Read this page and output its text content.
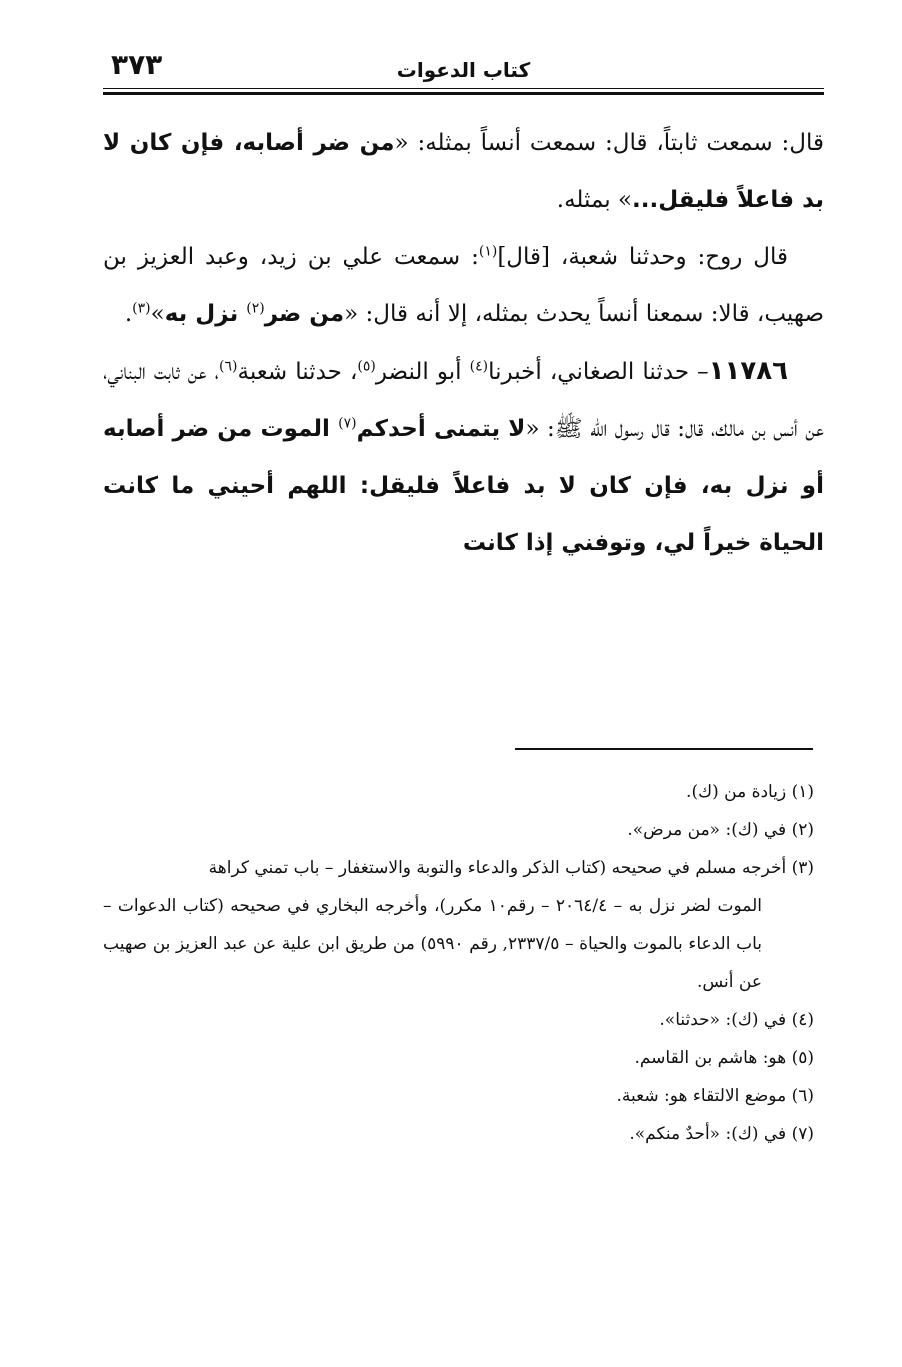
كتاب الدعوات
٣٧٣

قال: سمعت ثابتاً، قال: سمعت أنساً بمثله: «من ضر أصابه، فإن كان لا بد فاعلاً فليقل...» بمثله.

قال روح: وحدثنا شعبة، [قال]$^{(١)}$: سمعت علي بن زيد، وعبد العزيز بن صهيب، قالا: سمعنا أنساً يحدث بمثله، إلا أنه قال: «من ضر$^{(٢)}$ نزل به»$^{(٣)}$.

١١٧٨٦– حدثنا الصغاني، أخبرنا$^{(٤)}$ أبو النضر$^{(٥)}$، حدثنا شعبة$^{(٦)}$، عن ثابت البناني، عن أنس بن مالك، قال: قال رسول الله ﷺ: «لا يتمنى أحدكم$^{(٧)}$ الموت من ضر أصابه أو نزل به، فإن كان لا بد فاعلاً فليقل: اللهم أحيني ما كانت الحياة خيراً لي، وتوفني إذا كانت

(١) زيادة من (ك).

(٢) في (ك): «من مرض».

(٣) أخرجه مسلم في صحيحه (كتاب الذكر والدعاء والتوبة والاستغفار – باب تمني كراهة

الموت لضر نزل به – ٢٠٦٤/٤ – رقم١٠ مكرر)، وأخرجه البخاري في صحيحه (كتاب الدعوات – باب الدعاء بالموت والحياة – ٢٣٣٧/٥, رقم ٥٩٩٠) من طريق ابن علية عن عبد العزيز بن صهيب عن أنس.

(٤) في (ك): «حدثنا».

(٥) هو: هاشم بن القاسم.

(٦) موضع الالتقاء هو: شعبة.

(٧) في (ك): «أحدٌ منكم».
